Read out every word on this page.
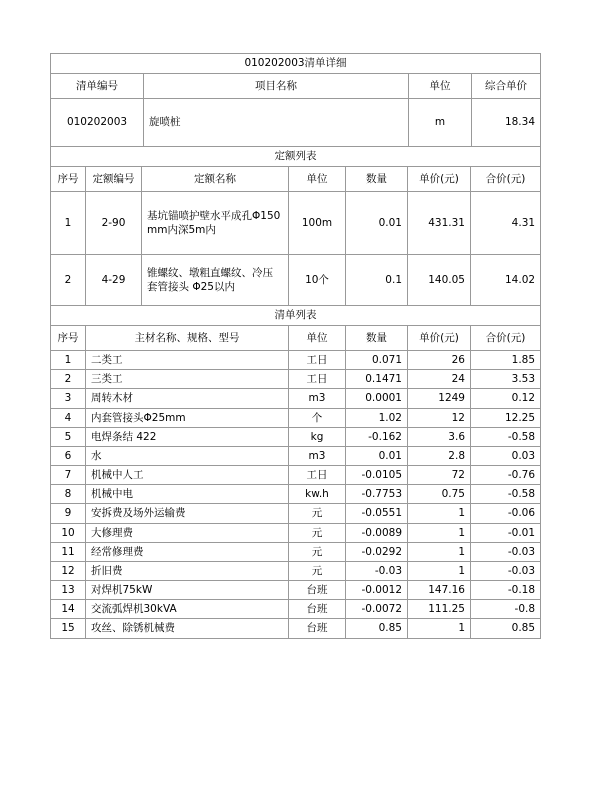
010202003清单详细			
清单编号	项目名称	单位	综合单价
010202003	旋喷桩	m	18.34
定额列表						
序号	定额编号	定额名称	单位	数量	单价(元)	合价(元)
1	2-90	基坑锚喷护壁水平成孔Φ150mm内深5m内	100m	0.01	431.31	4.31
2	4-29	锥螺纹、墩粗直螺纹、冷压套管接头 Φ25以内	10个	0.1	140.05	14.02
清单列表					
序号	主材名称、规格、型号	单位	数量	单价(元)	合价(元)
1	二类工	工日	0.071	26	1.85
2	三类工	工日	0.1471	24	3.53
3	周转木材	m3	0.0001	1249	0.12
4	内套管接头Φ25mm	个	1.02	12	12.25
5	电焊条结 422	kg	-0.162	3.6	-0.58
6	水	m3	0.01	2.8	0.03
7	机械中人工	工日	-0.0105	72	-0.76
8	机械中电	kw.h	-0.7753	0.75	-0.58
9	安拆费及场外运输费	元	-0.0551	1	-0.06
10	大修理费	元	-0.0089	1	-0.01
11	经常修理费	元	-0.0292	1	-0.03
12	折旧费	元	-0.03	1	-0.03
13	对焊机75kW	台班	-0.0012	147.16	-0.18
14	交流弧焊机30kVA	台班	-0.0072	111.25	-0.8
15	攻丝、除锈机械费	台班	0.85	1	0.85
